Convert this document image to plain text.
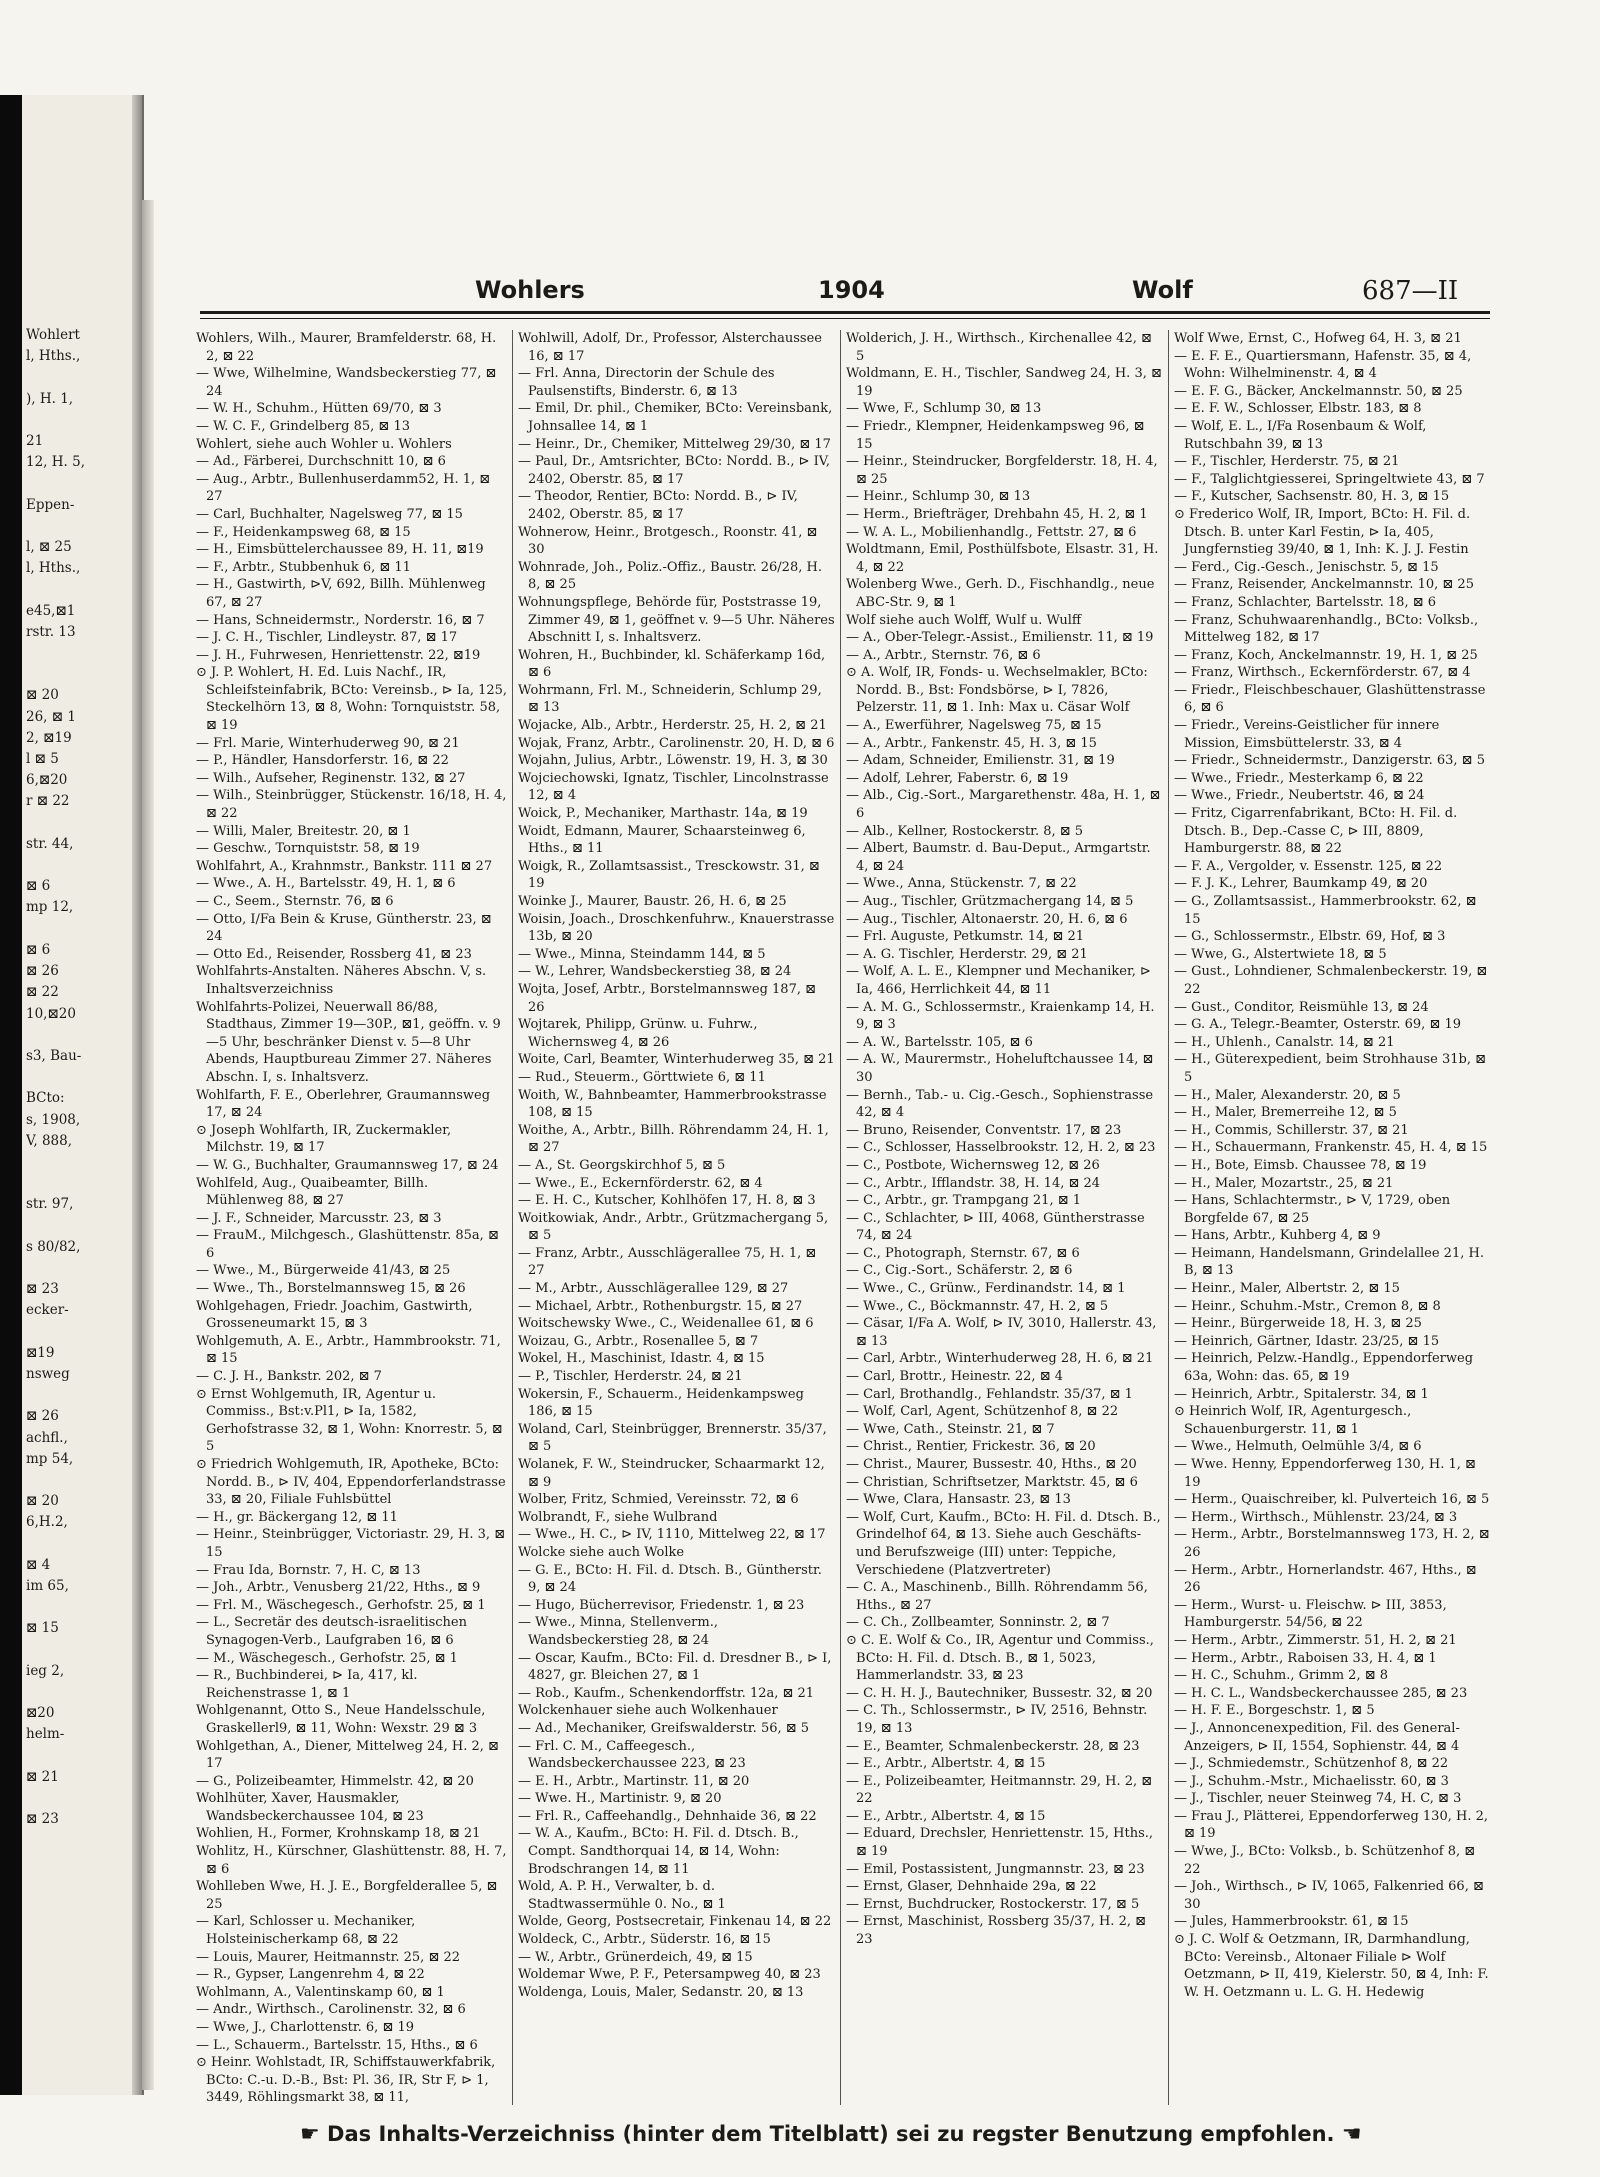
Wohlert
l, Hths.,

), H. 1,

21
12, H. 5,

Eppen-

l, ⊠ 25
l, Hths.,

e45,⊠1
rstr. 13

⊠ 20
26, ⊠ 1
2, ⊠19
l ⊠ 5
6,⊠20
r ⊠ 22

str. 44,

⊠ 6
mp 12,

⊠ 6
⊠ 26
⊠ 22
10,⊠20

s3, Bau-

BCto:
s, 1908,
V, 888,

str. 97,

s 80/82,

⊠ 23
ecker-

⊠19
nsweg

⊠ 26
achfl.,
mp 54,

⊠ 20
6,H.2,

⊠ 4
im 65,

⊠ 15

ieg 2,

⊠20
helm-

⊠ 21

⊠ 23
Wohlers	1904	Wolf	687—II

Wohlers, Wilh., Maurer, Bramfelderstr. 68, H. 2, ⊠ 22

— Wwe, Wilhelmine, Wandsbeckerstieg 77, ⊠ 24

— W. H., Schuhm., Hütten 69/70, ⊠ 3

— W. C. F., Grindelberg 85, ⊠ 13

Wohlert, siehe auch Wohler u. Wohlers

— Ad., Färberei, Durchschnitt 10, ⊠ 6

— Aug., Arbtr., Bullenhuserdamm52, H. 1, ⊠ 27

— Carl, Buchhalter, Nagelsweg 77, ⊠ 15

— F., Heidenkampsweg 68, ⊠ 15

— H., Eimsbüttelerchaussee 89, H. 11, ⊠19

— F., Arbtr., Stubbenhuk 6, ⊠ 11

— H., Gastwirth, ⊳V, 692, Billh. Mühlenweg 67, ⊠ 27

— Hans, Schneidermstr., Norderstr. 16, ⊠ 7

— J. C. H., Tischler, Lindleystr. 87, ⊠ 17

— J. H., Fuhrwesen, Henriettenstr. 22, ⊠19

⊙ J. P. Wohlert, H. Ed. Luis Nachf., IR, Schleifsteinfabrik, BCto: Vereinsb., ⊳ Ia, 125, Steckelhörn 13, ⊠ 8, Wohn: Tornquiststr. 58, ⊠ 19

— Frl. Marie, Winterhuderweg 90, ⊠ 21

— P., Händler, Hansdorferstr. 16, ⊠ 22

— Wilh., Aufseher, Reginenstr. 132, ⊠ 27

— Wilh., Steinbrügger, Stückenstr. 16/18, H. 4, ⊠ 22

— Willi, Maler, Breitestr. 20, ⊠ 1

— Geschw., Tornquiststr. 58, ⊠ 19

Wohlfahrt, A., Krahnmstr., Bankstr. 111 ⊠ 27

— Wwe., A. H., Bartelsstr. 49, H. 1, ⊠ 6

— C., Seem., Sternstr. 76, ⊠ 6

— Otto, I/Fa Bein & Kruse, Güntherstr. 23, ⊠ 24

— Otto Ed., Reisender, Rossberg 41, ⊠ 23

Wohlfahrts-Anstalten. Näheres Abschn. V, s. Inhaltsverzeichniss

Wohlfahrts-Polizei, Neuerwall 86/88, Stadthaus, Zimmer 19—30P., ⊠1, geöffn. v. 9—5 Uhr, beschränker Dienst v. 5—8 Uhr Abends, Hauptbureau Zimmer 27. Näheres Abschn. I, s. Inhaltsverz.

Wohlfarth, F. E., Oberlehrer, Graumannsweg 17, ⊠ 24

⊙ Joseph Wohlfarth, IR, Zuckermakler, Milchstr. 19, ⊠ 17

— W. G., Buchhalter, Graumannsweg 17, ⊠ 24

Wohlfeld, Aug., Quaibeamter, Billh. Mühlenweg 88, ⊠ 27

— J. F., Schneider, Marcusstr. 23, ⊠ 3

— FrauM., Milchgesch., Glashüttenstr. 85a, ⊠ 6

— Wwe., M., Bürgerweide 41/43, ⊠ 25

— Wwe., Th., Borstelmannsweg 15, ⊠ 26

Wohlgehagen, Friedr. Joachim, Gastwirth, Grosseneumarkt 15, ⊠ 3

Wohlgemuth, A. E., Arbtr., Hammbrookstr. 71, ⊠ 15

— C. J. H., Bankstr. 202, ⊠ 7

⊙ Ernst Wohlgemuth, IR, Agentur u. Commiss., Bst:v.Pl1, ⊳ Ia, 1582, Gerhofstrasse 32, ⊠ 1, Wohn: Knorrestr. 5, ⊠ 5

⊙ Friedrich Wohlgemuth, IR, Apotheke, BCto: Nordd. B., ⊳ IV, 404, Eppendorferlandstrasse 33, ⊠ 20, Filiale Fuhlsbüttel

— H., gr. Bäckergang 12, ⊠ 11

— Heinr., Steinbrügger, Victoriastr. 29, H. 3, ⊠ 15

— Frau Ida, Bornstr. 7, H. C, ⊠ 13

— Joh., Arbtr., Venusberg 21/22, Hths., ⊠ 9

— Frl. M., Wäschegesch., Gerhofstr. 25, ⊠ 1

— L., Secretär des deutsch-israelitischen Synagogen-Verb., Laufgraben 16, ⊠ 6

— M., Wäschegesch., Gerhofstr. 25, ⊠ 1

— R., Buchbinderei, ⊳ Ia, 417, kl. Reichenstrasse 1, ⊠ 1

Wohlgenannt, Otto S., Neue Handelsschule, Graskellerl9, ⊠ 11, Wohn: Wexstr. 29 ⊠ 3

Wohlgethan, A., Diener, Mittelweg 24, H. 2, ⊠ 17

— G., Polizeibeamter, Himmelstr. 42, ⊠ 20

Wohlhüter, Xaver, Hausmakler, Wandsbeckerchaussee 104, ⊠ 23

Wohlien, H., Former, Krohnskamp 18, ⊠ 21

Wohlitz, H., Kürschner, Glashüttenstr. 88, H. 7, ⊠ 6

Wohlleben Wwe, H. J. E., Borgfelderallee 5, ⊠ 25

— Karl, Schlosser u. Mechaniker, Holsteinischerkamp 68, ⊠ 22

— Louis, Maurer, Heitmannstr. 25, ⊠ 22

— R., Gypser, Langenrehm 4, ⊠ 22

Wohlmann, A., Valentinskamp 60, ⊠ 1

— Andr., Wirthsch., Carolinenstr. 32, ⊠ 6

— Wwe, J., Charlottenstr. 6, ⊠ 19

— L., Schauerm., Bartelsstr. 15, Hths., ⊠ 6

⊙ Heinr. Wohlstadt, IR, Schiffstauwerkfabrik, BCto: C.-u. D.-B., Bst: Pl. 36, IR, Str F, ⊳ 1, 3449, Röhlingsmarkt 38, ⊠ 11,

Wohlwill, Adolf, Dr., Professor, Alsterchaussee 16, ⊠ 17

— Frl. Anna, Directorin der Schule des Paulsenstifts, Binderstr. 6, ⊠ 13

— Emil, Dr. phil., Chemiker, BCto: Vereinsbank, Johnsallee 14, ⊠ 1

— Heinr., Dr., Chemiker, Mittelweg 29/30, ⊠ 17

— Paul, Dr., Amtsrichter, BCto: Nordd. B., ⊳ IV, 2402, Oberstr. 85, ⊠ 17

— Theodor, Rentier, BCto: Nordd. B., ⊳ IV, 2402, Oberstr. 85, ⊠ 17

Wohnerow, Heinr., Brotgesch., Roonstr. 41, ⊠ 30

Wohnrade, Joh., Poliz.-Offiz., Baustr. 26/28, H. 8, ⊠ 25

Wohnungspflege, Behörde für, Poststrasse 19, Zimmer 49, ⊠ 1, geöffnet v. 9—5 Uhr. Näheres Abschnitt I, s. Inhaltsverz.

Wohren, H., Buchbinder, kl. Schäferkamp 16d, ⊠ 6

Wohrmann, Frl. M., Schneiderin, Schlump 29, ⊠ 13

Wojacke, Alb., Arbtr., Herderstr. 25, H. 2, ⊠ 21

Wojak, Franz, Arbtr., Carolinenstr. 20, H. D, ⊠ 6

Wojahn, Julius, Arbtr., Löwenstr. 19, H. 3, ⊠ 30

Wojciechowski, Ignatz, Tischler, Lincolnstrasse 12, ⊠ 4

Woick, P., Mechaniker, Marthastr. 14a, ⊠ 19

Woidt, Edmann, Maurer, Schaarsteinweg 6, Hths., ⊠ 11

Woigk, R., Zollamtsassist., Tresckowstr. 31, ⊠ 19

Woinke J., Maurer, Baustr. 26, H. 6, ⊠ 25

Woisin, Joach., Droschkenfuhrw., Knauerstrasse 13b, ⊠ 20

— Wwe., Minna, Steindamm 144, ⊠ 5

— W., Lehrer, Wandsbeckerstieg 38, ⊠ 24

Wojta, Josef, Arbtr., Borstelmannsweg 187, ⊠ 26

Wojtarek, Philipp, Grünw. u. Fuhrw., Wichernsweg 4, ⊠ 26

Woite, Carl, Beamter, Winterhuderweg 35, ⊠ 21

— Rud., Steuerm., Görttwiete 6, ⊠ 11

Woith, W., Bahnbeamter, Hammerbrookstrasse 108, ⊠ 15

Woithe, A., Arbtr., Billh. Röhrendamm 24, H. 1, ⊠ 27

— A., St. Georgskirchhof 5, ⊠ 5

— Wwe., E., Eckernförderstr. 62, ⊠ 4

— E. H. C., Kutscher, Kohlhöfen 17, H. 8, ⊠ 3

Woitkowiak, Andr., Arbtr., Grützmachergang 5, ⊠ 5

— Franz, Arbtr., Ausschlägerallee 75, H. 1, ⊠ 27

— M., Arbtr., Ausschlägerallee 129, ⊠ 27

— Michael, Arbtr., Rothenburgstr. 15, ⊠ 27

Woitschewsky Wwe., C., Weidenallee 61, ⊠ 6

Woizau, G., Arbtr., Rosenallee 5, ⊠ 7

Wokel, H., Maschinist, Idastr. 4, ⊠ 15

— P., Tischler, Herderstr. 24, ⊠ 21

Wokersin, F., Schauerm., Heidenkampsweg 186, ⊠ 15

Woland, Carl, Steinbrügger, Brennerstr. 35/37, ⊠ 5

Wolanek, F. W., Steindrucker, Schaarmarkt 12, ⊠ 9

Wolber, Fritz, Schmied, Vereinsstr. 72, ⊠ 6

Wolbrandt, F., siehe Wulbrand

— Wwe., H. C., ⊳ IV, 1110, Mittelweg 22, ⊠ 17

Wolcke siehe auch Wolke

— G. E., BCto: H. Fil. d. Dtsch. B., Güntherstr. 9, ⊠ 24

— Hugo, Bücherrevisor, Friedenstr. 1, ⊠ 23

— Wwe., Minna, Stellenverm., Wandsbeckerstieg 28, ⊠ 24

— Oscar, Kaufm., BCto: Fil. d. Dresdner B., ⊳ I, 4827, gr. Bleichen 27, ⊠ 1

— Rob., Kaufm., Schenkendorffstr. 12a, ⊠ 21

Wolckenhauer siehe auch Wolkenhauer

— Ad., Mechaniker, Greifswalderstr. 56, ⊠ 5

— Frl. C. M., Caffeegesch., Wandsbeckerchaussee 223, ⊠ 23

— E. H., Arbtr., Martinstr. 11, ⊠ 20

— Wwe. H., Martinistr. 9, ⊠ 20

— Frl. R., Caffeehandlg., Dehnhaide 36, ⊠ 22

— W. A., Kaufm., BCto: H. Fil. d. Dtsch. B., Compt. Sandthorquai 14, ⊠ 14, Wohn: Brodschrangen 14, ⊠ 11

Wold, A. P. H., Verwalter, b. d. Stadtwassermühle 0. No., ⊠ 1

Wolde, Georg, Postsecretair, Finkenau 14, ⊠ 22

Woldeck, C., Arbtr., Süderstr. 16, ⊠ 15

— W., Arbtr., Grünerdeich, 49, ⊠ 15

Woldemar Wwe, P. F., Petersampweg 40, ⊠ 23

Woldenga, Louis, Maler, Sedanstr. 20, ⊠ 13

Wolderich, J. H., Wirthsch., Kirchenallee 42, ⊠ 5

Woldmann, E. H., Tischler, Sandweg 24, H. 3, ⊠ 19

— Wwe, F., Schlump 30, ⊠ 13

— Friedr., Klempner, Heidenkampsweg 96, ⊠ 15

— Heinr., Steindrucker, Borgfelderstr. 18, H. 4, ⊠ 25

— Heinr., Schlump 30, ⊠ 13

— Herm., Briefträger, Drehbahn 45, H. 2, ⊠ 1

— W. A. L., Mobilienhandlg., Fettstr. 27, ⊠ 6

Woldtmann, Emil, Posthülfsbote, Elsastr. 31, H. 4, ⊠ 22

Wolenberg Wwe., Gerh. D., Fischhandlg., neue ABC-Str. 9, ⊠ 1

Wolf siehe auch Wolff, Wulf u. Wulff

— A., Ober-Telegr.-Assist., Emilienstr. 11, ⊠ 19

— A., Arbtr., Sternstr. 76, ⊠ 6

⊙ A. Wolf, IR, Fonds- u. Wechselmakler, BCto: Nordd. B., Bst: Fondsbörse, ⊳ I, 7826, Pelzerstr. 11, ⊠ 1. Inh: Max u. Cäsar Wolf

— A., Ewerführer, Nagelsweg 75, ⊠ 15

— A., Arbtr., Fankenstr. 45, H. 3, ⊠ 15

— Adam, Schneider, Emilienstr. 31, ⊠ 19

— Adolf, Lehrer, Faberstr. 6, ⊠ 19

— Alb., Cig.-Sort., Margarethenstr. 48a, H. 1, ⊠ 6

— Alb., Kellner, Rostockerstr. 8, ⊠ 5

— Albert, Baumstr. d. Bau-Deput., Armgartstr. 4, ⊠ 24

— Wwe., Anna, Stückenstr. 7, ⊠ 22

— Aug., Tischler, Grützmachergang 14, ⊠ 5

— Aug., Tischler, Altonaerstr. 20, H. 6, ⊠ 6

— Frl. Auguste, Petkumstr. 14, ⊠ 21

— A. G. Tischler, Herderstr. 29, ⊠ 21

— Wolf, A. L. E., Klempner und Mechaniker, ⊳ Ia, 466, Herrlichkeit 44, ⊠ 11

— A. M. G., Schlossermstr., Kraienkamp 14, H. 9, ⊠ 3

— A. W., Bartelsstr. 105, ⊠ 6

— A. W., Maurermstr., Hoheluftchaussee 14, ⊠ 30

— Bernh., Tab.- u. Cig.-Gesch., Sophienstrasse 42, ⊠ 4

— Bruno, Reisender, Conventstr. 17, ⊠ 23

— C., Schlosser, Hasselbrookstr. 12, H. 2, ⊠ 23

— C., Postbote, Wichernsweg 12, ⊠ 26

— C., Arbtr., Ifflandstr. 38, H. 14, ⊠ 24

— C., Arbtr., gr. Trampgang 21, ⊠ 1

— C., Schlachter, ⊳ III, 4068, Güntherstrasse 74, ⊠ 24

— C., Photograph, Sternstr. 67, ⊠ 6

— C., Cig.-Sort., Schäferstr. 2, ⊠ 6

— Wwe., C., Grünw., Ferdinandstr. 14, ⊠ 1

— Wwe., C., Böckmannstr. 47, H. 2, ⊠ 5

— Cäsar, I/Fa A. Wolf, ⊳ IV, 3010, Hallerstr. 43, ⊠ 13

— Carl, Arbtr., Winterhuderweg 28, H. 6, ⊠ 21

— Carl, Brottr., Heinestr. 22, ⊠ 4

— Carl, Brothandlg., Fehlandstr. 35/37, ⊠ 1

— Wolf, Carl, Agent, Schützenhof 8, ⊠ 22

— Wwe, Cath., Steinstr. 21, ⊠ 7

— Christ., Rentier, Frickestr. 36, ⊠ 20

— Christ., Maurer, Bussestr. 40, Hths., ⊠ 20

— Christian, Schriftsetzer, Marktstr. 45, ⊠ 6

— Wwe, Clara, Hansastr. 23, ⊠ 13

— Wolf, Curt, Kaufm., BCto: H. Fil. d. Dtsch. B., Grindelhof 64, ⊠ 13. Siehe auch Geschäfts- und Berufszweige (III) unter: Teppiche, Verschiedene (Platzvertreter)

— C. A., Maschinenb., Billh. Röhrendamm 56, Hths., ⊠ 27

— C. Ch., Zollbeamter, Sonninstr. 2, ⊠ 7

⊙ C. E. Wolf & Co., IR, Agentur und Commiss., BCto: H. Fil. d. Dtsch. B., ⊠ 1, 5023, Hammerlandstr. 33, ⊠ 23

— C. H. H. J., Bautechniker, Bussestr. 32, ⊠ 20

— C. Th., Schlossermstr., ⊳ IV, 2516, Behnstr. 19, ⊠ 13

— E., Beamter, Schmalenbeckerstr. 28, ⊠ 23

— E., Arbtr., Albertstr. 4, ⊠ 15

— E., Polizeibeamter, Heitmannstr. 29, H. 2, ⊠ 22

— E., Arbtr., Albertstr. 4, ⊠ 15

— Eduard, Drechsler, Henriettenstr. 15, Hths., ⊠ 19

— Emil, Postassistent, Jungmannstr. 23, ⊠ 23

— Ernst, Glaser, Dehnhaide 29a, ⊠ 22

— Ernst, Buchdrucker, Rostockerstr. 17, ⊠ 5

— Ernst, Maschinist, Rossberg 35/37, H. 2, ⊠ 23

Wolf Wwe, Ernst, C., Hofweg 64, H. 3, ⊠ 21

— E. F. E., Quartiersmann, Hafenstr. 35, ⊠ 4, Wohn: Wilhelminenstr. 4, ⊠ 4

— E. F. G., Bäcker, Anckelmannstr. 50, ⊠ 25

— E. F. W., Schlosser, Elbstr. 183, ⊠ 8

— Wolf, E. L., I/Fa Rosenbaum & Wolf, Rutschbahn 39, ⊠ 13

— F., Tischler, Herderstr. 75, ⊠ 21

— F., Talglichtgiesserei, Springeltwiete 43, ⊠ 7

— F., Kutscher, Sachsenstr. 80, H. 3, ⊠ 15

⊙ Frederico Wolf, IR, Import, BCto: H. Fil. d. Dtsch. B. unter Karl Festin, ⊳ Ia, 405, Jungfernstieg 39/40, ⊠ 1, Inh: K. J. J. Festin

— Ferd., Cig.-Gesch., Jenischstr. 5, ⊠ 15

— Franz, Reisender, Anckelmannstr. 10, ⊠ 25

— Franz, Schlachter, Bartelsstr. 18, ⊠ 6

— Franz, Schuhwaarenhandlg., BCto: Volksb., Mittelweg 182, ⊠ 17

— Franz, Koch, Anckelmannstr. 19, H. 1, ⊠ 25

— Franz, Wirthsch., Eckernförderstr. 67, ⊠ 4

— Friedr., Fleischbeschauer, Glashüttenstrasse 6, ⊠ 6

— Friedr., Vereins-Geistlicher für innere Mission, Eimsbüttelerstr. 33, ⊠ 4

— Friedr., Schneidermstr., Danzigerstr. 63, ⊠ 5

— Wwe., Friedr., Mesterkamp 6, ⊠ 22

— Wwe., Friedr., Neubertstr. 46, ⊠ 24

— Fritz, Cigarrenfabrikant, BCto: H. Fil. d. Dtsch. B., Dep.-Casse C, ⊳ III, 8809, Hamburgerstr. 88, ⊠ 22

— F. A., Vergolder, v. Essenstr. 125, ⊠ 22

— F. J. K., Lehrer, Baumkamp 49, ⊠ 20

— G., Zollamtsassist., Hammerbrookstr. 62, ⊠ 15

— G., Schlossermstr., Elbstr. 69, Hof, ⊠ 3

— Wwe, G., Alstertwiete 18, ⊠ 5

— Gust., Lohndiener, Schmalenbeckerstr. 19, ⊠ 22

— Gust., Conditor, Reismühle 13, ⊠ 24

— G. A., Telegr.-Beamter, Osterstr. 69, ⊠ 19

— H., Uhlenh., Canalstr. 14, ⊠ 21

— H., Güterexpedient, beim Strohhause 31b, ⊠ 5

— H., Maler, Alexanderstr. 20, ⊠ 5

— H., Maler, Bremerreihe 12, ⊠ 5

— H., Commis, Schillerstr. 37, ⊠ 21

— H., Schauermann, Frankenstr. 45, H. 4, ⊠ 15

— H., Bote, Eimsb. Chaussee 78, ⊠ 19

— H., Maler, Mozartstr., 25, ⊠ 21

— Hans, Schlachtermstr., ⊳ V, 1729, oben Borgfelde 67, ⊠ 25

— Hans, Arbtr., Kuhberg 4, ⊠ 9

— Heimann, Handelsmann, Grindelallee 21, H. B, ⊠ 13

— Heinr., Maler, Albertstr. 2, ⊠ 15

— Heinr., Schuhm.-Mstr., Cremon 8, ⊠ 8

— Heinr., Bürgerweide 18, H. 3, ⊠ 25

— Heinrich, Gärtner, Idastr. 23/25, ⊠ 15

— Heinrich, Pelzw.-Handlg., Eppendorferweg 63a, Wohn: das. 65, ⊠ 19

— Heinrich, Arbtr., Spitalerstr. 34, ⊠ 1

⊙ Heinrich Wolf, IR, Agenturgesch., Schauenburgerstr. 11, ⊠ 1

— Wwe., Helmuth, Oelmühle 3/4, ⊠ 6

— Wwe. Henny, Eppendorferweg 130, H. 1, ⊠ 19

— Herm., Quaischreiber, kl. Pulverteich 16, ⊠ 5

— Herm., Wirthsch., Mühlenstr. 23/24, ⊠ 3

— Herm., Arbtr., Borstelmannsweg 173, H. 2, ⊠ 26

— Herm., Arbtr., Hornerlandstr. 467, Hths., ⊠ 26

— Herm., Wurst- u. Fleischw. ⊳ III, 3853, Hamburgerstr. 54/56, ⊠ 22

— Herm., Arbtr., Zimmerstr. 51, H. 2, ⊠ 21

— Herm., Arbtr., Raboisen 33, H. 4, ⊠ 1

— H. C., Schuhm., Grimm 2, ⊠ 8

— H. C. L., Wandsbeckerchaussee 285, ⊠ 23

— H. F. E., Borgeschstr. 1, ⊠ 5

— J., Annoncenexpedition, Fil. des General-Anzeigers, ⊳ II, 1554, Sophienstr. 44, ⊠ 4

— J., Schmiedemstr., Schützenhof 8, ⊠ 22

— J., Schuhm.-Mstr., Michaelisstr. 60, ⊠ 3

— J., Tischler, neuer Steinweg 74, H. C, ⊠ 3

— Frau J., Plätterei, Eppendorferweg 130, H. 2, ⊠ 19

— Wwe, J., BCto: Volksb., b. Schützenhof 8, ⊠ 22

— Joh., Wirthsch., ⊳ IV, 1065, Falkenried 66, ⊠ 30

— Jules, Hammerbrookstr. 61, ⊠ 15

⊙ J. C. Wolf & Oetzmann, IR, Darmhandlung, BCto: Vereinsb., Altonaer Filiale ⊳ Wolf Oetzmann, ⊳ II, 419, Kielerstr. 50, ⊠ 4, Inh: F. W. H. Oetzmann u. L. G. H. Hedewig

☛ Das Inhalts-Verzeichniss (hinter dem Titelblatt) sei zu regster Benutzung empfohlen. ☚
